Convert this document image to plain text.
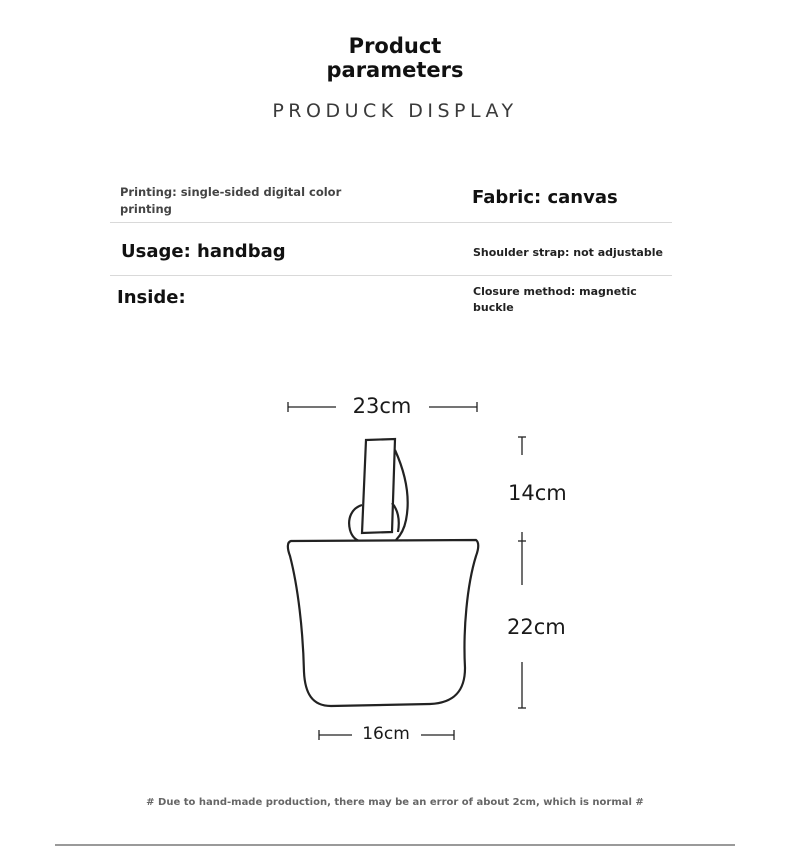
Product
parameters
PRODUCK DISPLAY
Printing: single-sided digital color printing
Fabric: canvas
Usage: handbag	Shoulder strap: not adjustable
Inside:	Closure method: magnetic buckle
23cm
14cm
22cm
16cm
# Due to hand-made production, there may be an error of about 2cm, which is normal #
